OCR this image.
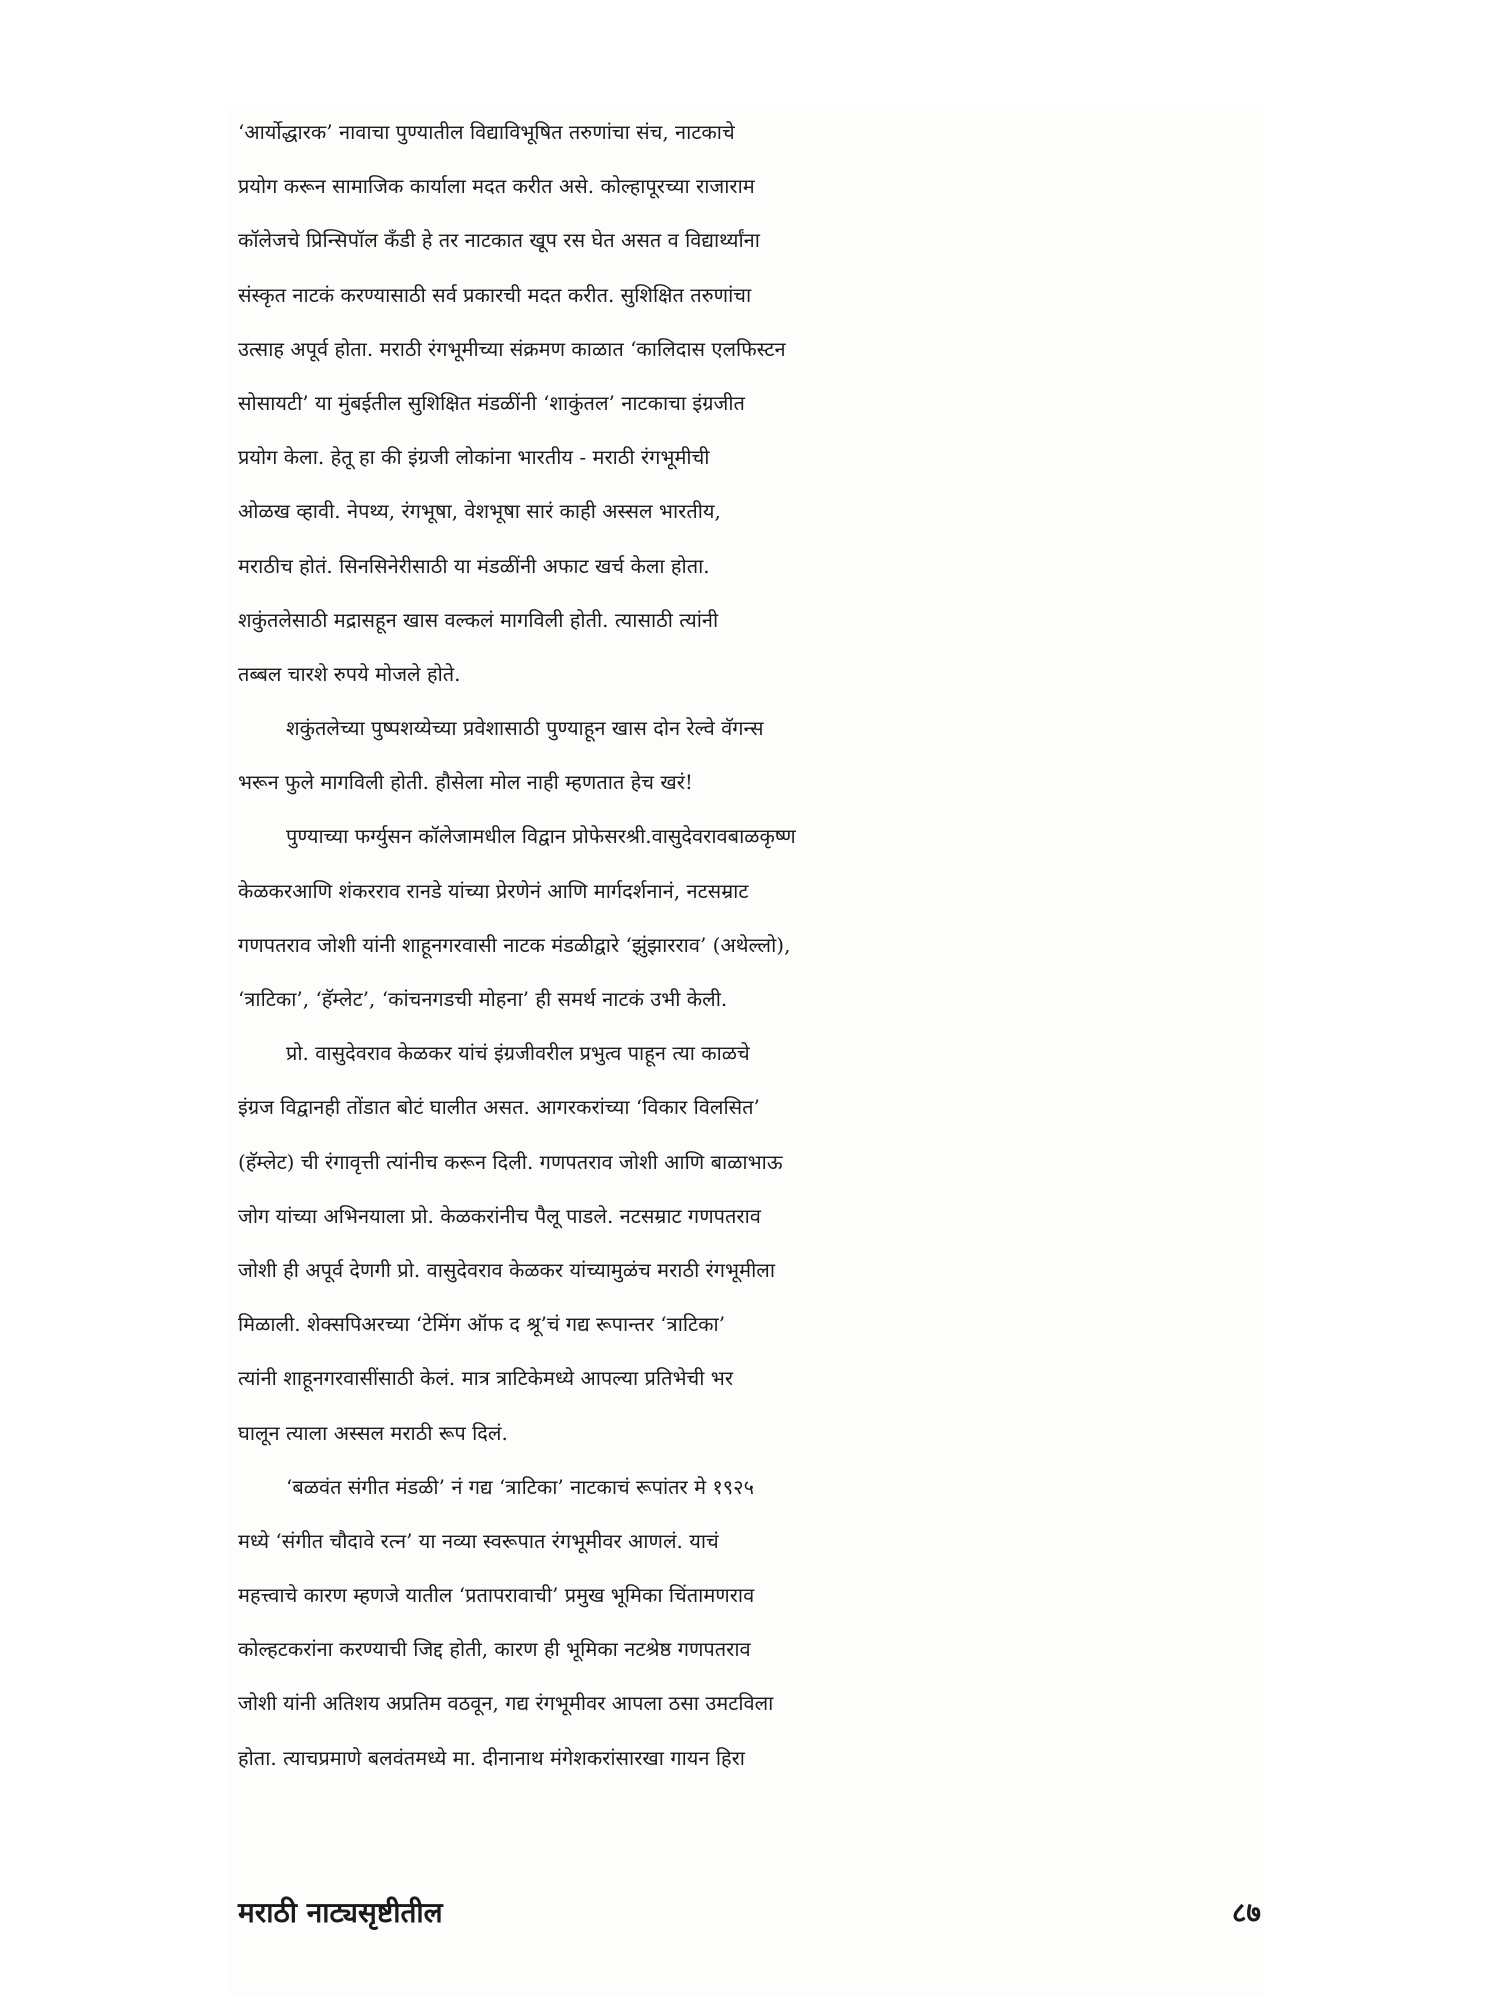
‘आर्योद्धारक’ नावाचा पुण्यातील विद्याविभूषित तरुणांचा संच, नाटकाचे
प्रयोग करून सामाजिक कार्याला मदत करीत असे. कोल्हापूरच्या राजाराम
कॉलेजचे प्रिन्सिपॉल कॅंडी हे तर नाटकात खूप रस घेत असत व विद्यार्थ्यांना
संस्कृत नाटकं करण्यासाठी सर्व प्रकारची मदत करीत. सुशिक्षित तरुणांचा
उत्साह अपूर्व होता. मराठी रंगभूमीच्या संक्रमण काळात ‘कालिदास एलफिस्टन
सोसायटी’ या मुंबईतील सुशिक्षित मंडळींनी ‘शाकुंतल’ नाटकाचा इंग्रजीत
प्रयोग केला. हेतू हा की इंग्रजी लोकांना भारतीय - मराठी रंगभूमीची
ओळख व्हावी. नेपथ्य, रंगभूषा, वेशभूषा सारं काही अस्सल भारतीय,
मराठीच होतं. सिनसिनेरीसाठी या मंडळींनी अफाट खर्च केला होता.
शकुंतलेसाठी मद्रासहून खास वल्कलं मागविली होती. त्यासाठी त्यांनी
तब्बल चारशे रुपये मोजले होते.
शकुंतलेच्या पुष्पशय्येच्या प्रवेशासाठी पुण्याहून खास दोन रेल्वे वॅगन्स
भरून फुले मागविली होती. हौसेला मोल नाही म्हणतात हेच खरं!
पुण्याच्या फर्ग्युसन कॉलेजामधील विद्वान प्रोफेसरश्री.वासुदेवरावबाळकृष्ण
केळकरआणि शंकरराव रानडे यांच्या प्रेरणेनं आणि मार्गदर्शनानं, नटसम्राट
गणपतराव जोशी यांनी शाहूनगरवासी नाटक मंडळीद्वारे ‘झुंझारराव’ (अथेल्लो),
‘त्राटिका’, ‘हॅम्लेट’, ‘कांचनगडची मोहना’ ही समर्थ नाटकं उभी केली.
प्रो. वासुदेवराव केळकर यांचं इंग्रजीवरील प्रभुत्व पाहून त्या काळचे
इंग्रज विद्वानही तोंडात बोटं घालीत असत. आगरकरांच्या ‘विकार विलसित’
(हॅम्लेट) ची रंगावृत्ती त्यांनीच करून दिली. गणपतराव जोशी आणि बाळाभाऊ
जोग यांच्या अभिनयाला प्रो. केळकरांनीच पैलू पाडले. नटसम्राट गणपतराव
जोशी ही अपूर्व देणगी प्रो. वासुदेवराव केळकर यांच्यामुळंच मराठी रंगभूमीला
मिळाली. शेक्सपिअरच्या ‘टेमिंग ऑफ द श्रू’चं गद्य रूपान्तर ‘त्राटिका’
त्यांनी शाहूनगरवासींसाठी केलं. मात्र त्राटिकेमध्ये आपल्या प्रतिभेची भर
घालून त्याला अस्सल मराठी रूप दिलं.
‘बळवंत संगीत मंडळी’ नं गद्य ‘त्राटिका’ नाटकाचं रूपांतर मे १९२५
मध्ये ‘संगीत चौदावे रत्न’ या नव्या स्वरूपात रंगभूमीवर आणलं. याचं
महत्त्वाचे कारण म्हणजे यातील ‘प्रतापरावाची’ प्रमुख भूमिका चिंतामणराव
कोल्हटकरांना करण्याची जिद्द होती, कारण ही भूमिका नटश्रेष्ठ गणपतराव
जोशी यांनी अतिशय अप्रतिम वठवून, गद्य रंगभूमीवर आपला ठसा उमटविला
होता. त्याचप्रमाणे बलवंतमध्ये मा. दीनानाथ मंगेशकरांसारखा गायन हिरा
मराठी नाट्यसृष्टीतील	८७
